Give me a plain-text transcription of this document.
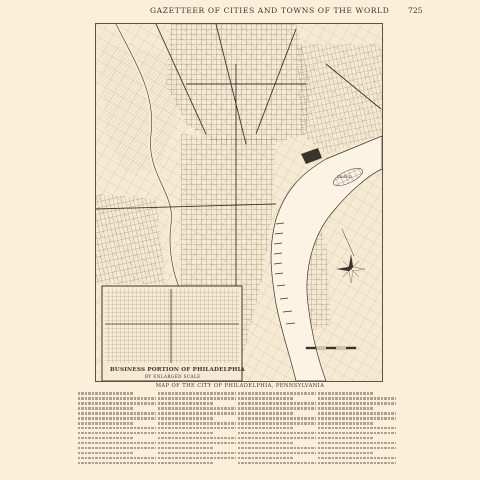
GAZETTEER OF CITIES AND TOWNS OF THE WORLD 725
ISLAND
BUSINESS PORTION OF PHILADELPHIA
BY ENLARGED SCALE
MAP OF THE CITY OF PHILADELPHIA, PENNSYLVANIA
